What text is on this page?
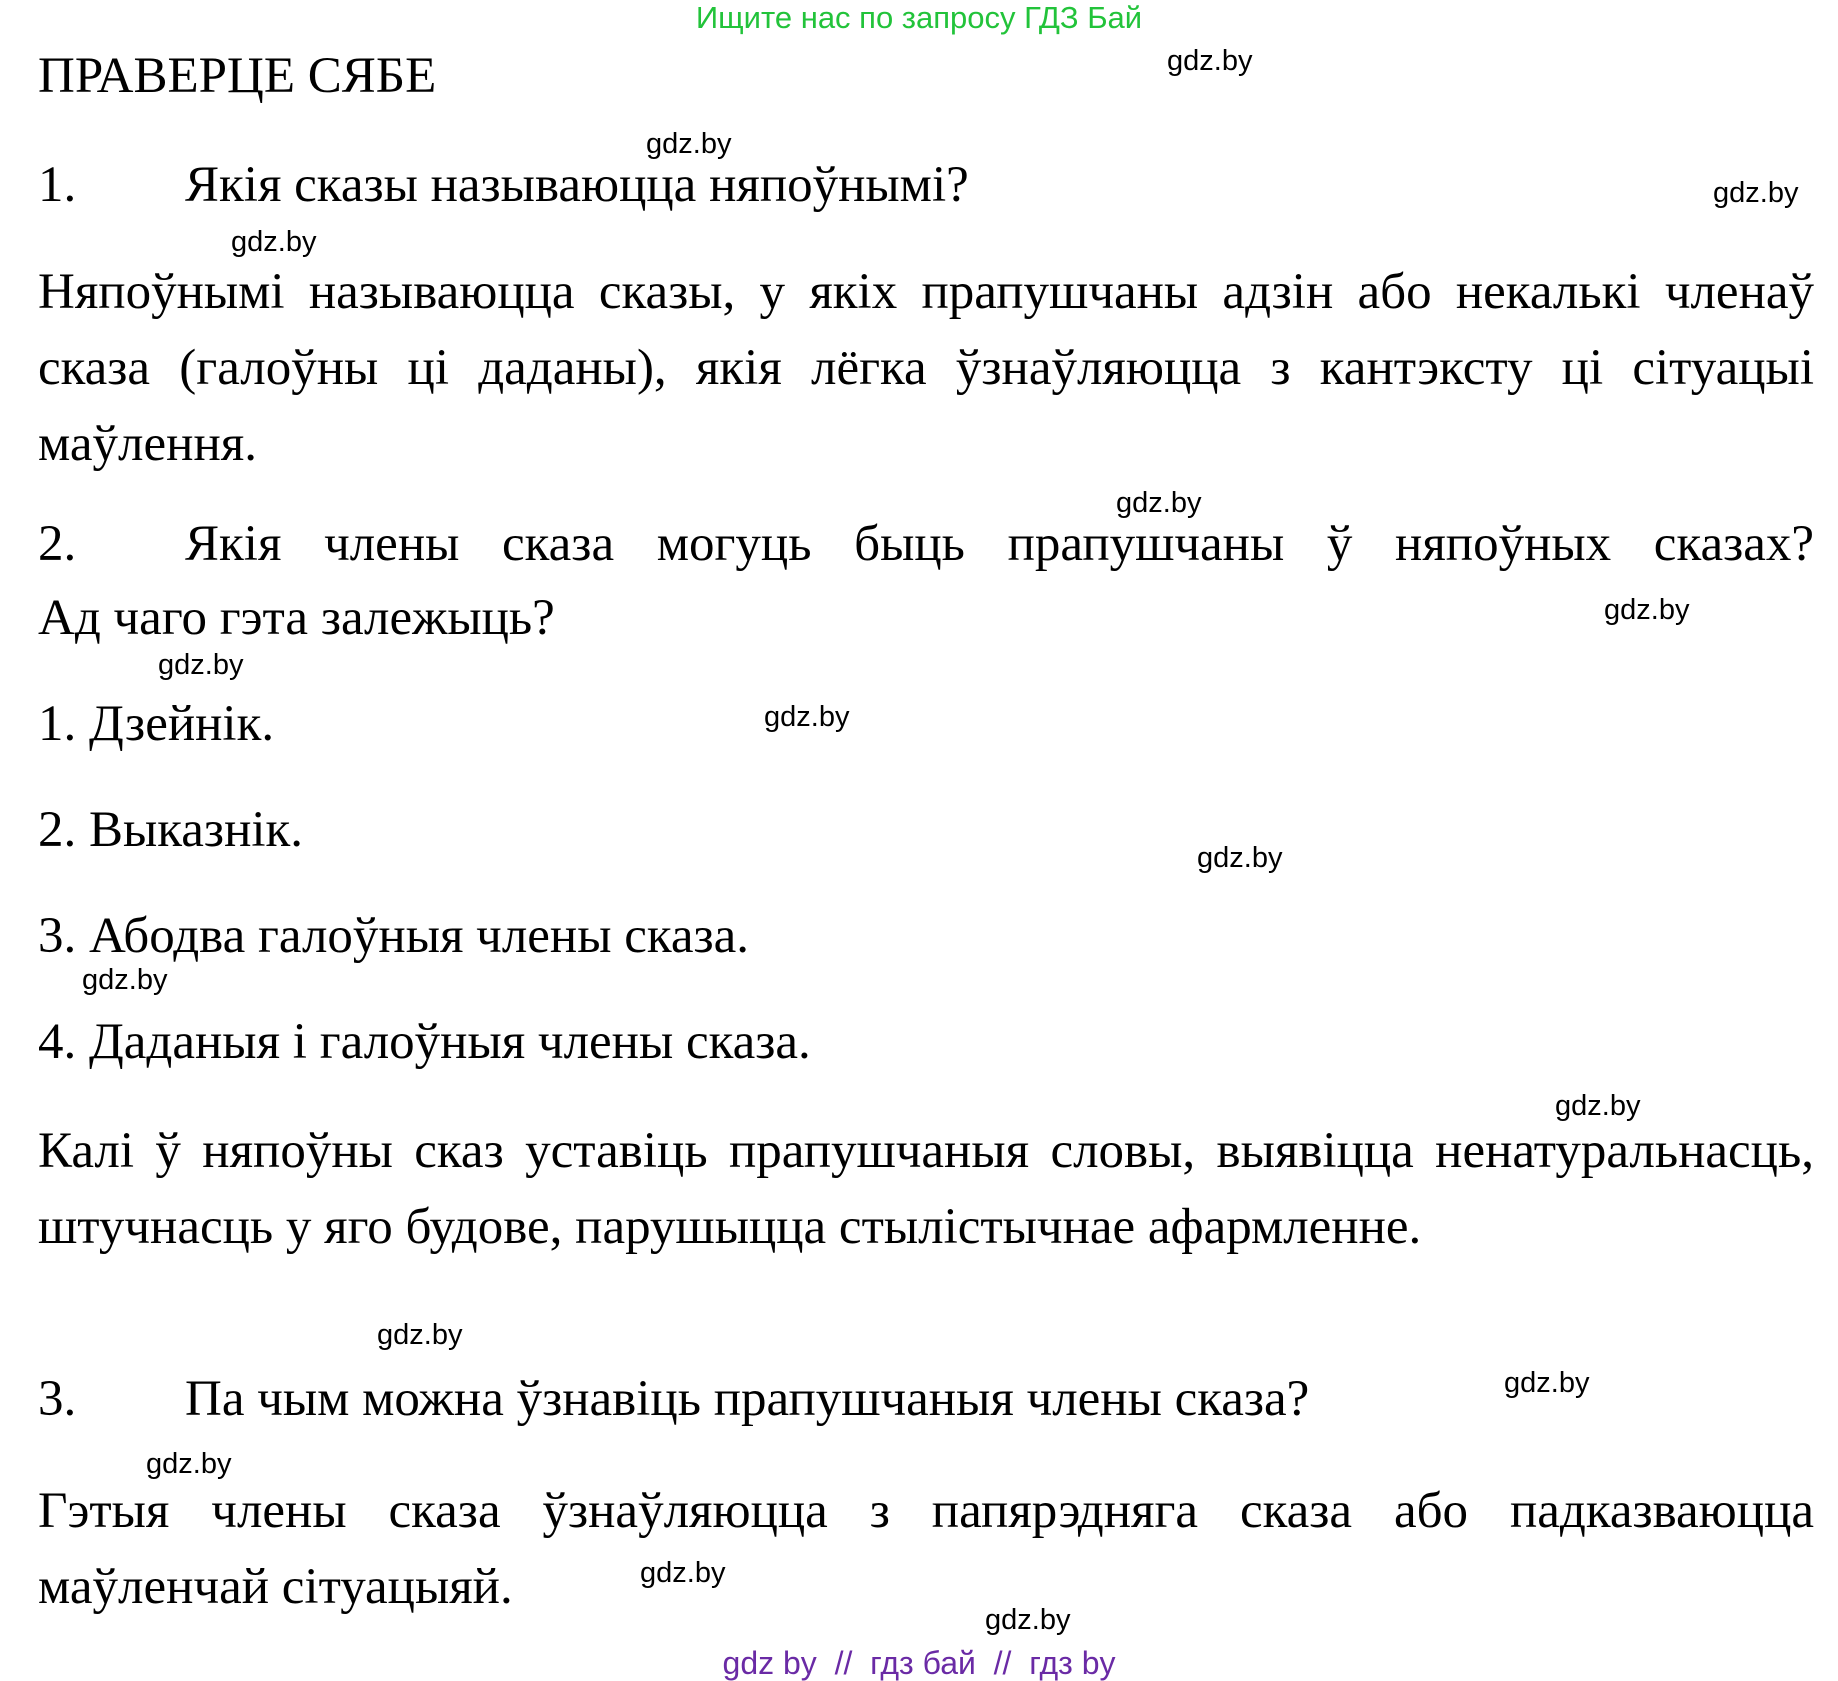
Ищите нас по запросу ГДЗ Бай
ПРАВЕРЦЕ СЯБЕ
1. Якія сказы называюцца няпоўнымі?
Няпоўнымі называюцца сказы, у якіх прапушчаны адзін або некалькі членаў сказа (галоўны ці даданы), якія лёгка ўзнаўляюцца з кантэксту ці сітуацыі маўлення.
2. Якія члены сказа могуць быць прапушчаны ў няпоўных сказах?
Ад чаго гэта залежыць?
1. Дзейнік.
2. Выказнік.
3. Абодва галоўныя члены сказа.
4. Даданыя і галоўныя члены сказа.
Калі ў няпоўны сказ уставіць прапушчаныя словы, выявіцца ненатуральнасць, штучнасць у яго будове, парушыцца стылістычнае афармленне.
3. Па чым можна ўзнавіць прапушчаныя члены сказа?
Гэтыя члены сказа ўзнаўляюцца з папярэдняга сказа або падказваюцца маўленчай сітуацыяй.
gdz.by
gdz.by
gdz.by
gdz.by
gdz.by
gdz.by
gdz.by
gdz.by
gdz.by
gdz.by
gdz.by
gdz.by
gdz.by
gdz.by
gdz.by
gdz.by
gdz by  //  гдз бай  //  гдз by
